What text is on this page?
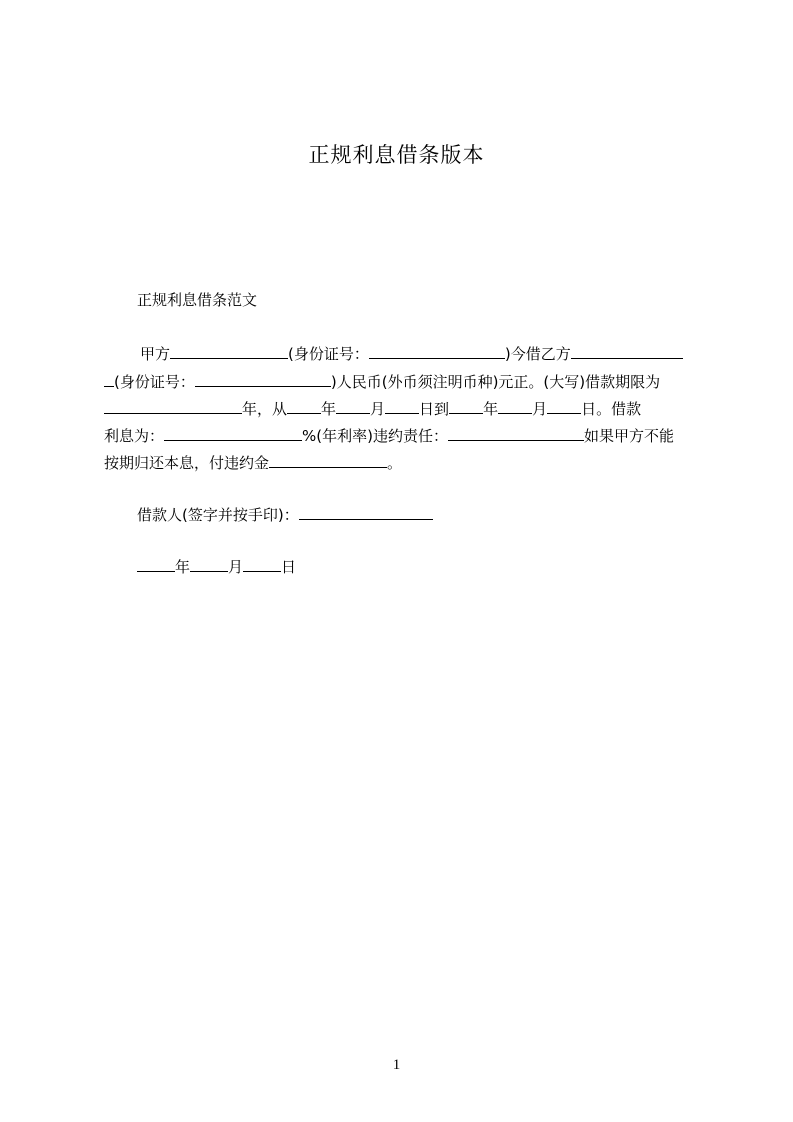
正规利息借条版本
正规利息借条范文
甲方	(身份证号：	)今借乙方
(身份证号：	)人民币(外币须注明币种)元正。(大写)借款期限为
年，从 年 月 日到 年 月 日。借款
利息为：	%(年利率)违约责任：	如果甲方不能
按期归还本息，付违约金	。
借款人(签字并按手印)：
年	月	日
1
